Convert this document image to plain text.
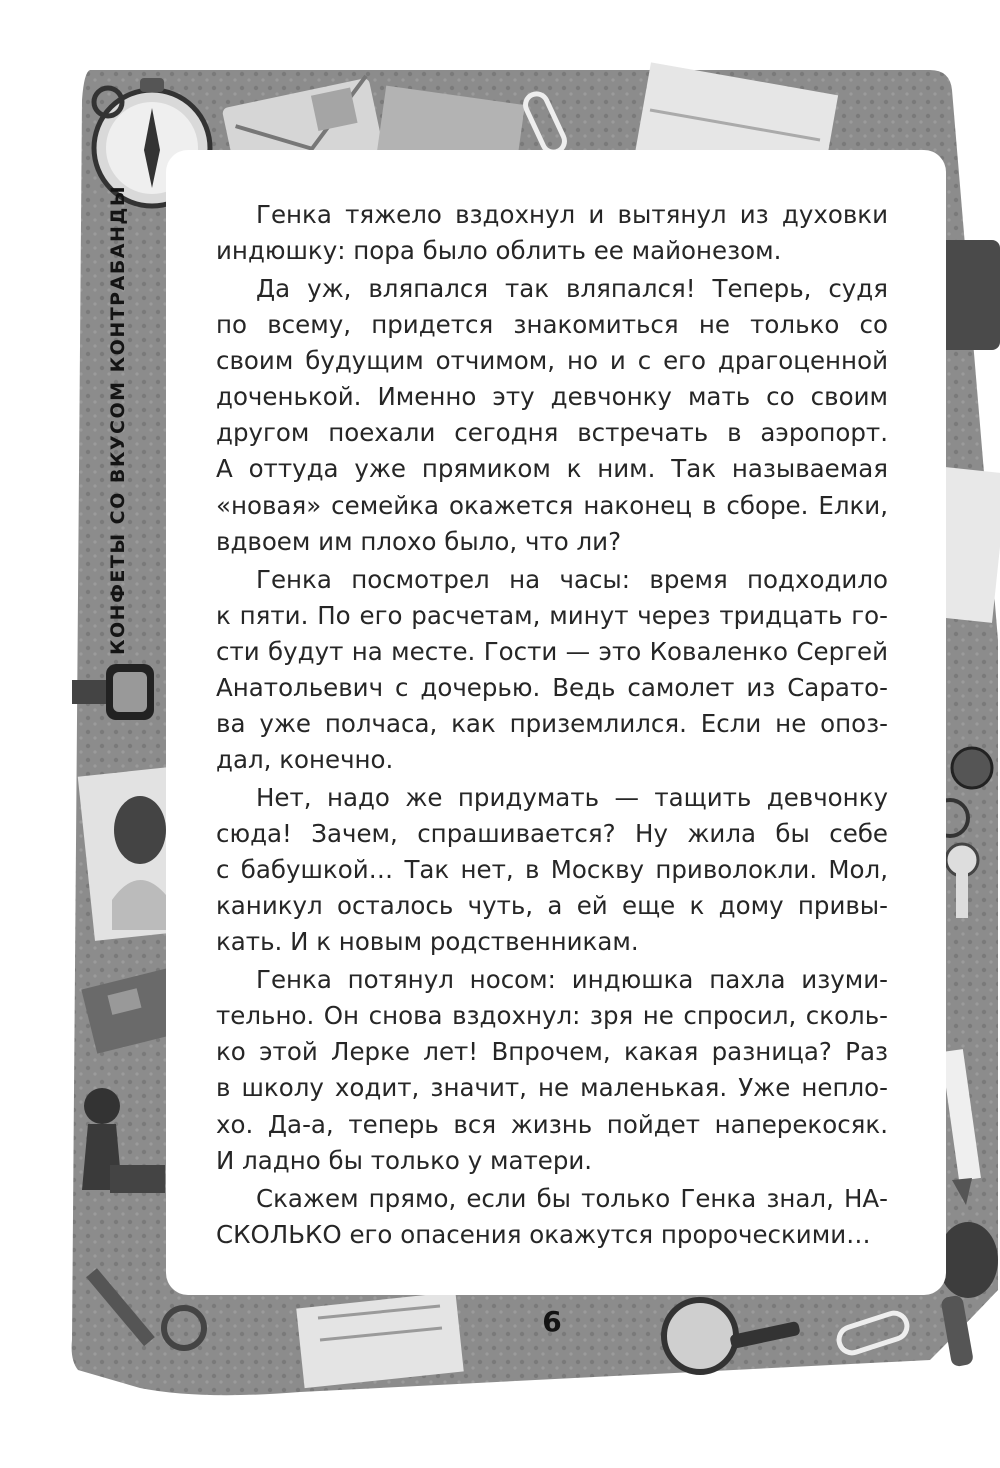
КОНФЕТЫ СО ВКУСОМ КОНТРАБАНДЫ	Генка тяжело вздохнул и вытянул из духовки
индюшку: пора было облить ее майонезом.
Да уж, вляпался так вляпался! Теперь, судя
по всему, придется знакомиться не только со
своим будущим отчимом, но и с его драгоценной
доченькой. Именно эту девчонку мать со своим
другом поехали сегодня встречать в аэропорт.
А оттуда уже прямиком к ним. Так называемая
«новая» семейка окажется наконец в сборе. Елки,
вдвоем им плохо было, что ли?
Генка посмотрел на часы: время подходило
к пяти. По его расчетам, минут через тридцать го-
сти будут на месте. Гости — это Коваленко Сергей
Анатольевич с дочерью. Ведь самолет из Сарато-
ва уже полчаса, как приземлился. Если не опоз-
дал, конечно.
Нет, надо же придумать — тащить девчонку
сюда! Зачем, спрашивается? Ну жила бы себе
с бабушкой… Так нет, в Москву приволокли. Мол,
каникул осталось чуть, а ей еще к дому привы-
кать. И к новым родственникам.
Генка потянул носом: индюшка пахла изуми-
тельно. Он снова вздохнул: зря не спросил, сколь-
ко этой Лерке лет! Впрочем, какая разница? Раз
в школу ходит, значит, не маленькая. Уже непло-
хо. Да-а, теперь вся жизнь пойдет наперекосяк.
И ладно бы только у матери.
Скажем прямо, если бы только Генка знал, НА-
СКОЛЬКО его опасения окажутся пророческими…
6
